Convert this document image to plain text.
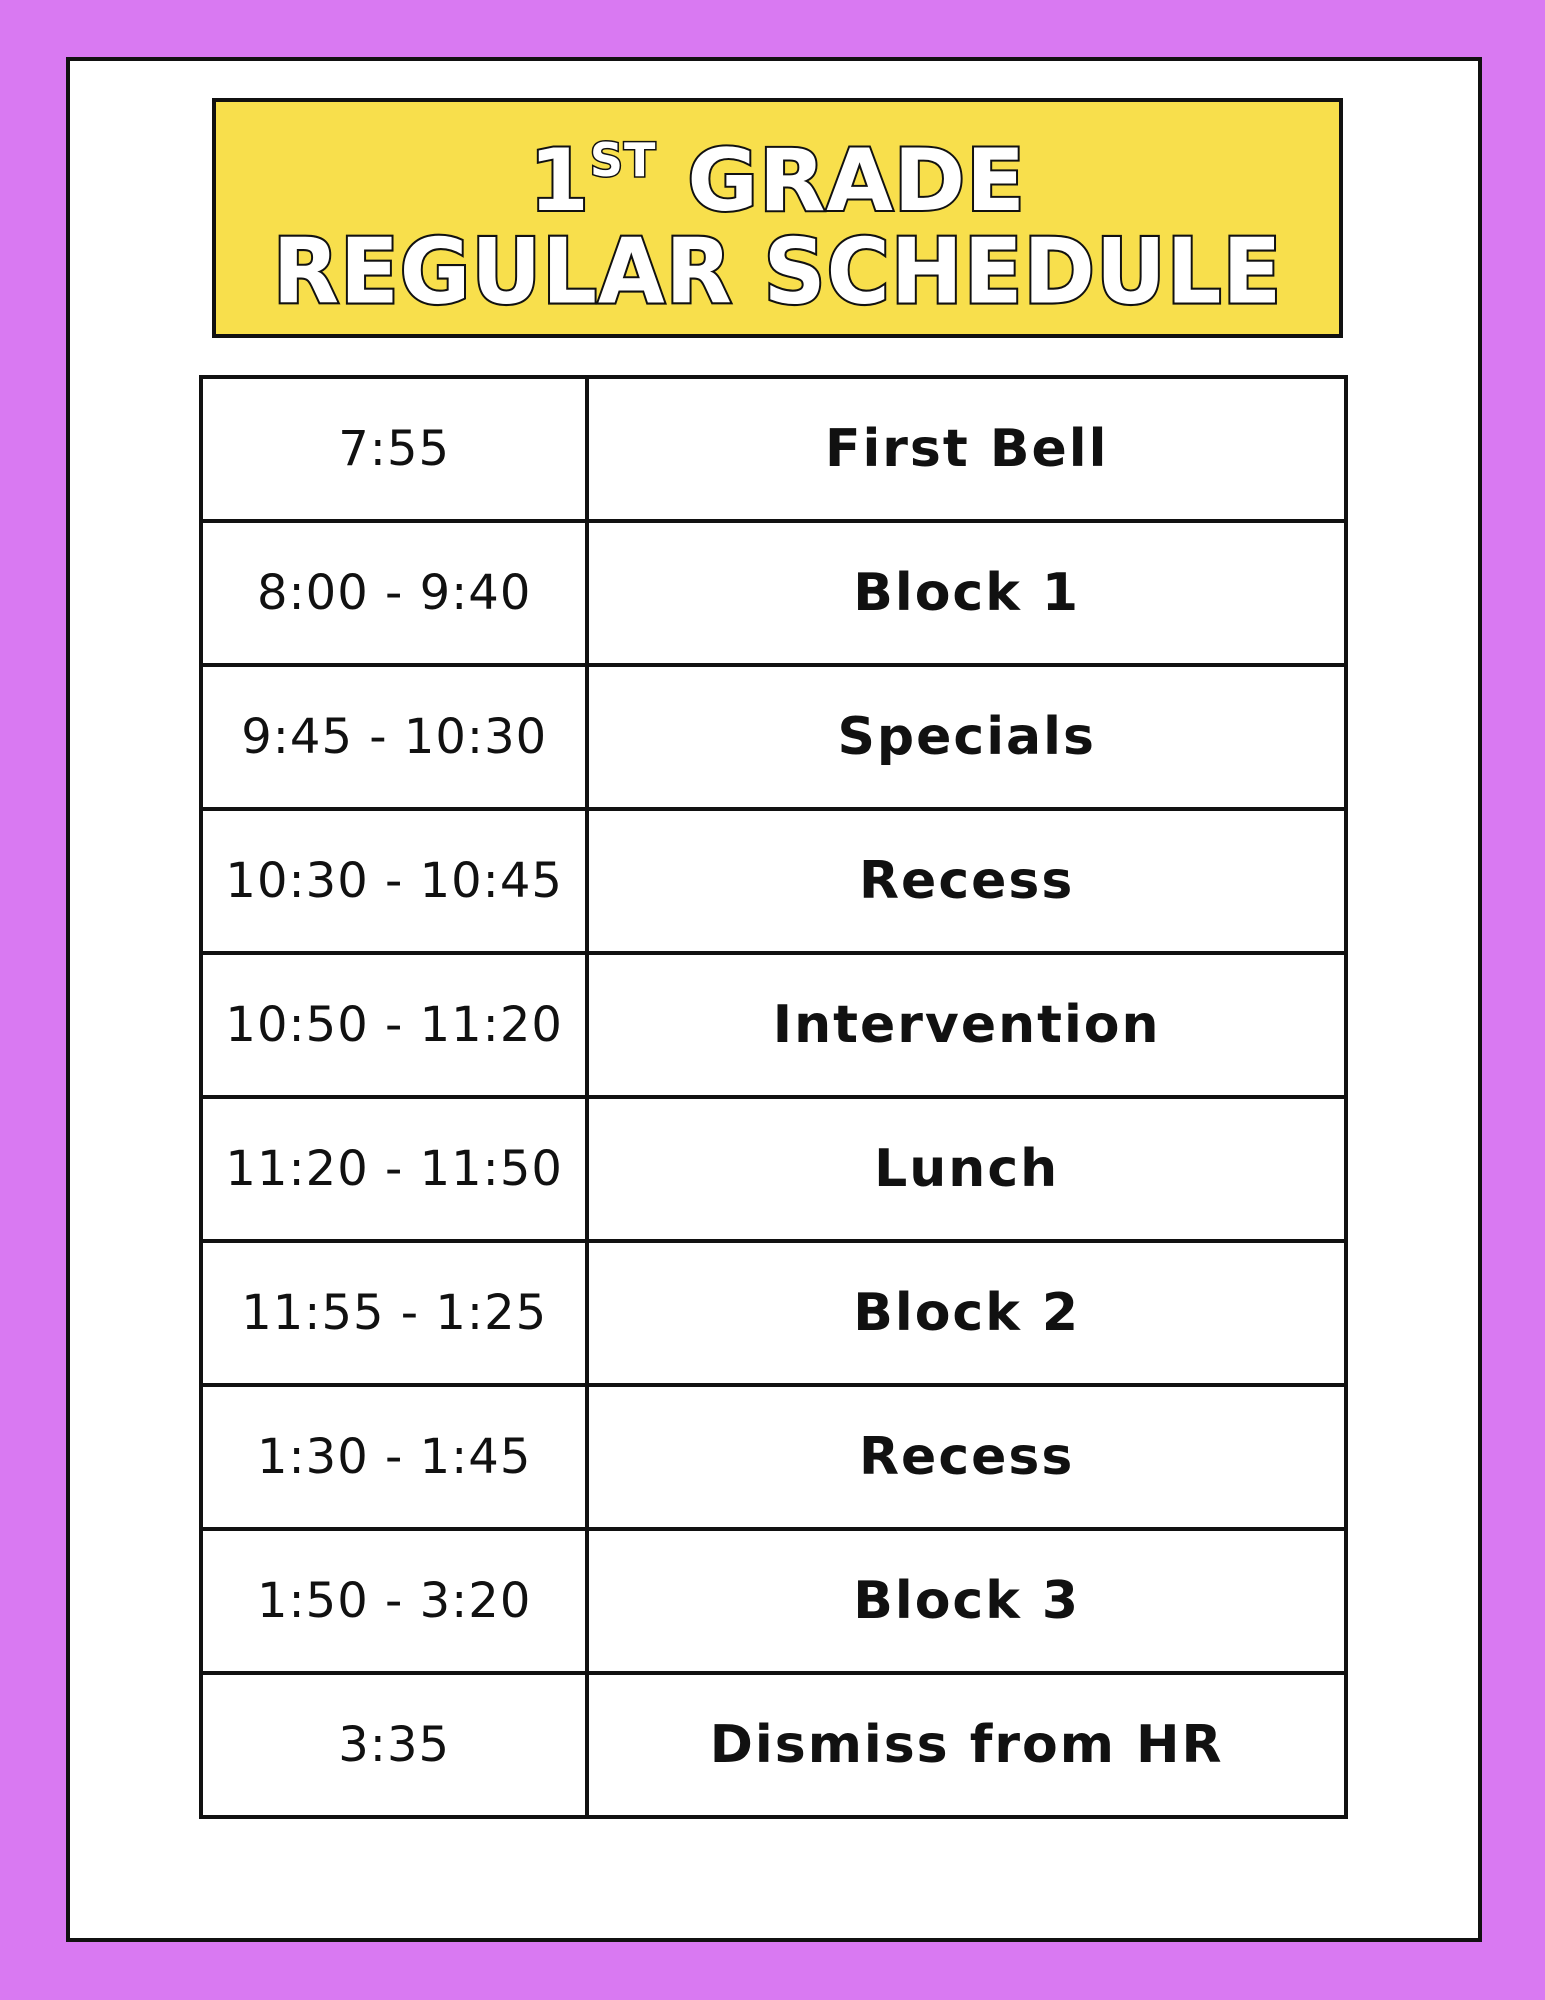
1ST GRADE
REGULAR SCHEDULE
7:55	First Bell
8:00 - 9:40	Block 1
9:45 - 10:30	Specials
10:30 - 10:45	Recess
10:50 - 11:20	Intervention
11:20 - 11:50	Lunch
11:55 - 1:25	Block 2
1:30 - 1:45	Recess
1:50 - 3:20	Block 3
3:35	Dismiss from HR
